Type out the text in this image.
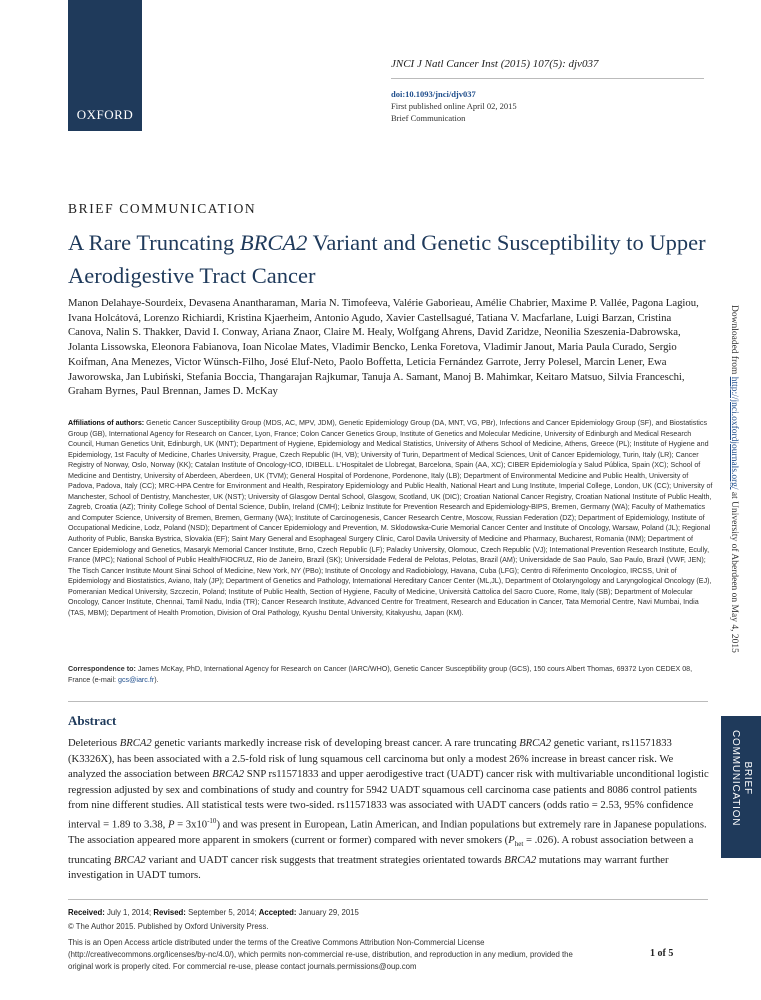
OXFORD
JNCI J Natl Cancer Inst (2015) 107(5): djv037
doi:10.1093/jnci/djv037
First published online April 02, 2015
Brief Communication
BRIEF COMMUNICATION
A Rare Truncating BRCA2 Variant and Genetic Susceptibility to Upper Aerodigestive Tract Cancer
Manon Delahaye-Sourdeix, Devasena Anantharaman, Maria N. Timofeeva, Valérie Gaborieau, Amélie Chabrier, Maxime P. Vallée, Pagona Lagiou, Ivana Holcátová, Lorenzo Richiardi, Kristina Kjaerheim, Antonio Agudo, Xavier Castellsagué, Tatiana V. Macfarlane, Luigi Barzan, Cristina Canova, Nalin S. Thakker, David I. Conway, Ariana Znaor, Claire M. Healy, Wolfgang Ahrens, David Zaridze, Neonilia Szeszenia-Dabrowska, Jolanta Lissowska, Eleonora Fabianova, Ioan Nicolae Mates, Vladimir Bencko, Lenka Foretova, Vladimir Janout, Maria Paula Curado, Sergio Koifman, Ana Menezes, Victor Wünsch-Filho, José Eluf-Neto, Paolo Boffetta, Leticia Fernández Garrote, Jerry Polesel, Marcin Lener, Ewa Jaworowska, Jan Lubiński, Stefania Boccia, Thangarajan Rajkumar, Tanuja A. Samant, Manoj B. Mahimkar, Keitaro Matsuo, Silvia Franceschi, Graham Byrnes, Paul Brennan, James D. McKay
Affiliations of authors: Genetic Cancer Susceptibility Group (MDS, AC, MPV, JDM), Genetic Epidemiology Group (DA, MNT, VG, PBr), Infections and Cancer Epidemiology Group (SF), and Biostatistics Group (GB), International Agency for Research on Cancer, Lyon, France; Colon Cancer Genetics Group, Institute of Genetics and Molecular Medicine, University of Edinburgh and Medical Research Council, Human Genetics Unit, Edinburgh, UK (MNT); Department of Hygiene, Epidemiology and Medical Statistics, University of Athens School of Medicine, Athens, Greece (PL); Institute of Hygiene and Epidemiology, 1st Faculty of Medicine, Charles University, Prague, Czech Republic (IH, VB); University of Turin, Department of Medical Sciences, Unit of Cancer Epidemiology, Turin, Italy (LR); Cancer Registry of Norway, Oslo, Norway (KK); Catalan Institute of Oncology-ICO, IDIBELL. L'Hospitalet de Llobregat, Barcelona, Spain (AA, XC); CIBER Epidemiología y Salud Pública, Spain (XC); School of Medicine and Dentistry, University of Aberdeen, Aberdeen, UK (TVM); General Hospital of Pordenone, Pordenone, Italy (LB); Department of Environmental Medicine and Public Health, University of Padova, Padova, Italy (CC); MRC-HPA Centre for Environment and Health, Respiratory Epidemiology and Public Health, National Heart and Lung Institute, Imperial College, London, UK (CC); University of Manchester, School of Dentistry, Manchester, UK (NST); University of Glasgow Dental School, Glasgow, Scotland, UK (DIC); Croatian National Cancer Registry, Croatian National Institute of Public Health, Zagreb, Croatia (AZ); Trinity College School of Dental Science, Dublin, Ireland (CMH); Leibniz Institute for Prevention Research and Epidemiology-BIPS, Bremen, Germany (WA); Faculty of Mathematics and Computer Science, University of Bremen, Bremen, Germany (WA); Institute of Carcinogenesis, Cancer Research Centre, Moscow, Russian Federation (DZ); Department of Epidemiology, Institute of Occupational Medicine, Lodz, Poland (NSD); Department of Cancer Epidemiology and Prevention, M. Sklodowska-Curie Memorial Cancer Center and Institute of Oncology, Warsaw, Poland (JL); Regional Authority of Public, Banska Bystrica, Slovakia (EF); Saint Mary General and Esophageal Surgery Clinic, Carol Davila University of Medicine and Pharmacy, Bucharest, Romania (INM); Department of Cancer Epidemiology and Genetics, Masaryk Memorial Cancer Institute, Brno, Czech Republic (LF); Palacky University, Olomouc, Czech Republic (VJ); International Prevention Research Institute, Ecully, France (MPC); National School of Public Health/FIOCRUZ, Rio de Janeiro, Brazil (SK); Universidade Federal de Pelotas, Pelotas, Brazil (AM); Universidade de Sao Paulo, Sao Paulo, Brazil (VWF, JEN); The Tisch Cancer Institute Mount Sinai School of Medicine, New York, NY (PBo); Institute of Oncology and Radiobiology, Havana, Cuba (LFG); Centro di Riferimento Oncologico, IRCSS, Unit of Epidemiology and Biostatistics, Aviano, Italy (JP); Department of Genetics and Pathology, International Hereditary Cancer Center (ML,JL), Department of Otolaryngology and Laryngological Oncology (EJ), Pomeranian Medical University, Szczecin, Poland; Institute of Public Health, Section of Hygiene, Faculty of Medicine, Università Cattolica del Sacro Cuore, Rome, Italy (SB); Department of Molecular Oncology, Cancer Institute, Chennai, Tamil Nadu, India (TR); Cancer Research Institute, Advanced Centre for Treatment, Research and Education in Cancer, Tata Memorial Centre, Navi Mumbai, India (TAS, MBM); Department of Health Promotion, Division of Oral Pathology, Kyushu Dental University, Kitakyushu, Japan (KM).
Correspondence to: James McKay, PhD, International Agency for Research on Cancer (IARC/WHO), Genetic Cancer Susceptibility group (GCS), 150 cours Albert Thomas, 69372 Lyon CEDEX 08, France (e-mail: gcs@iarc.fr).
Downloaded from http://jnci.oxfordjournals.org/ at University of Aberdeen on May 4, 2015
BRIEF
COMMUNICATION
Abstract

Deleterious BRCA2 genetic variants markedly increase risk of developing breast cancer. A rare truncating BRCA2 genetic variant, rs11571833 (K3326X), has been associated with a 2.5-fold risk of lung squamous cell carcinoma but only a modest 26% increase in breast cancer risk. We analyzed the association between BRCA2 SNP rs11571833 and upper aerodigestive tract (UADT) cancer risk with multivariable unconditional logistic regression adjusted by sex and combinations of study and country for 5942 UADT squamous cell carcinoma case patients and 8086 control patients from nine different studies. All statistical tests were two-sided. rs11571833 was associated with UADT cancers (odds ratio = 2.53, 95% confidence interval = 1.89 to 3.38, $P = 3x10^{-10}$) and was present in European, Latin American, and Indian populations but extremely rare in Japanese populations. The association appeared more apparent in smokers (current or former) compared with never smokers $(P_{het} = .026)$. A robust association between a truncating BRCA2 variant and UADT cancer risk suggests that treatment strategies orientated towards BRCA2 mutations may warrant further investigation in UADT tumors.

Received: July 1, 2014; Revised: September 5, 2014; Accepted: January 29, 2015
© The Author 2015. Published by Oxford University Press.
This is an Open Access article distributed under the terms of the Creative Commons Attribution Non-Commercial License (http://creativecommons.org/licenses/by-nc/4.0/), which permits non-commercial re-use, distribution, and reproduction in any medium, provided the original work is properly cited. For commercial re-use, please contact journals.permissions@oup.com
1 of 5
